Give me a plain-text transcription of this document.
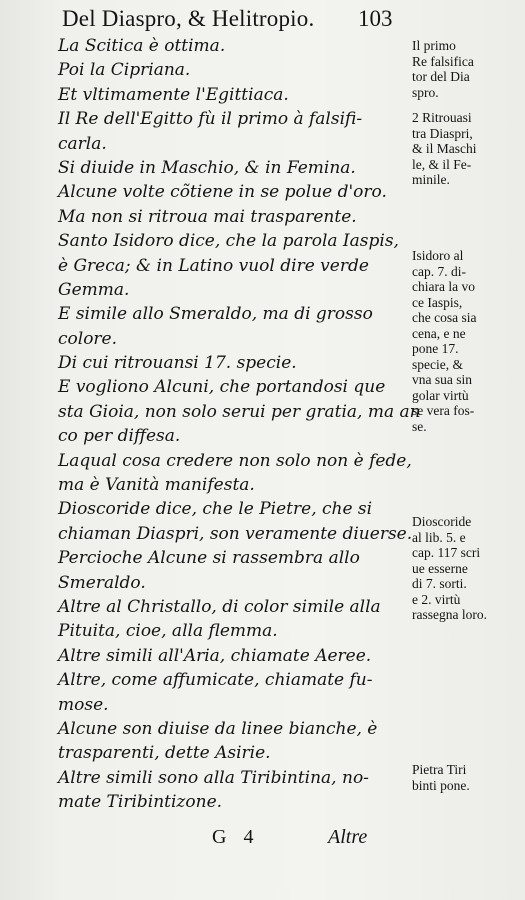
Del Diaspro, & Helitropio. 103
La Scitica è ottima.
Poi la Cipriana.
Et vltimamente l'Egittiaca.
Il Re dell'Egitto fù il primo à falsifi-
carla.
Si diuide in Maschio, & in Femina.
Alcune volte cõtiene in se polue d'oro.
Ma non si ritroua mai trasparente.
Santo Isidoro dice, che la parola Iaspis,
è Greca; & in Latino vuol dire verde
Gemma.
E simile allo Smeraldo, ma di grosso
colore.
Di cui ritrouansi 17. specie.
E vogliono Alcuni, che portandosi que
sta Gioia, non solo serui per gratia, ma an
co per diffesa.
Laqual cosa credere non solo non è fede,
ma è Vanità manifesta.
Dioscoride dice, che le Pietre, che si
chiaman Diaspri, son veramente diuerse.
Percioche Alcune si rassembra allo
Smeraldo.
Altre al Christallo, di color simile alla
Pituita, cioe, alla flemma.
Altre simili all'Aria, chiamate Aeree.
Altre, come affumicate, chiamate fu-
mose.
Alcune son diuise da linee bianche, è
trasparenti, dette Asirie.
Altre simili sono alla Tiribintina, no-
mate Tiribintizone.
Il primo
Re falsifica
tor del Dia
spro.
2 Ritrouasi
tra Diaspri,
& il Maschi
le, & il Fe-
minile.
Isidoro al
cap. 7. di-
chiara la vo
ce Iaspis,
che cosa sia
cena, e ne
pone 17.
specie, &
vna sua sin
golar virtù
se vera fos-
se.
Dioscoride
al lib. 5. e
cap. 117 scri
ue esserne
di 7. sorti.
e 2. virtù
rassegna loro.
Pietra Tiri
binti pone.
G 4	Altre
